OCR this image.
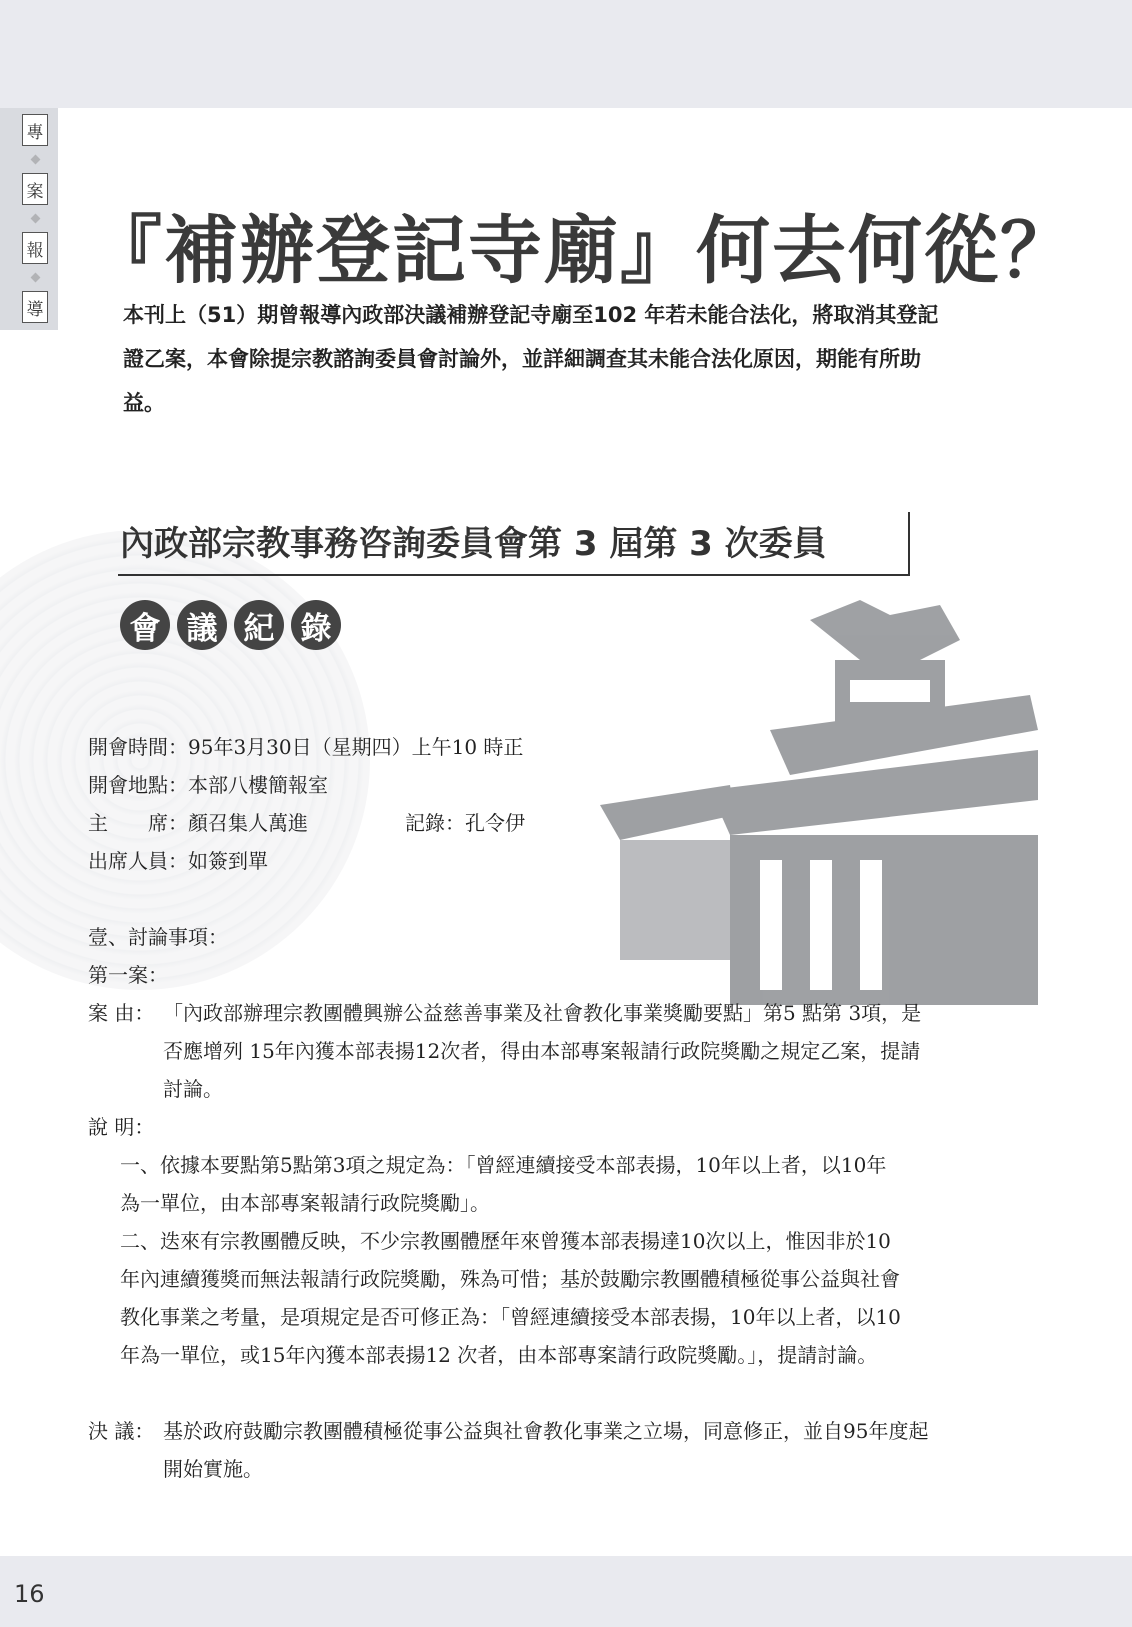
專
案
報
導
『補辦登記寺廟』何去何從？

本刊上（51）期曾報導內政部決議補辦登記寺廟至102 年若未能合法化，將取消其登記證乙案，本會除提宗教諮詢委員會討論外，並詳細調查其未能合法化原因，期能有所助益。

內政部宗教事務咨詢委員會第 3 屆第 3 次委員
會 議 紀 錄
開會時間：95年3月30日（星期四）上午10 時正
開會地點：本部八樓簡報室
主　　席：顏召集人萬進	記錄：孔令伊
出席人員：如簽到單
壹、討論事項：
第一案：
案 由： 「內政部辦理宗教團體興辦公益慈善事業及社會教化事業獎勵要點」第5 點第 3項，是否應增列 15年內獲本部表揚12次者，得由本部專案報請行政院獎勵之規定乙案，提請討論。
說 明：
一、依據本要點第5點第3項之規定為：「曾經連續接受本部表揚，10年以上者，以10年為一單位，由本部專案報請行政院獎勵」。
二、迭來有宗教團體反映，不少宗教團體歷年來曾獲本部表揚達10次以上，惟因非於10年內連續獲獎而無法報請行政院獎勵，殊為可惜；基於鼓勵宗教團體積極從事公益與社會教化事業之考量，是項規定是否可修正為：「曾經連續接受本部表揚，10年以上者，以10 年為一單位，或15年內獲本部表揚12 次者，由本部專案請行政院獎勵。」，提請討論。
決 議： 基於政府鼓勵宗教團體積極從事公益與社會教化事業之立場，同意修正，並自95年度起開始實施。
16
